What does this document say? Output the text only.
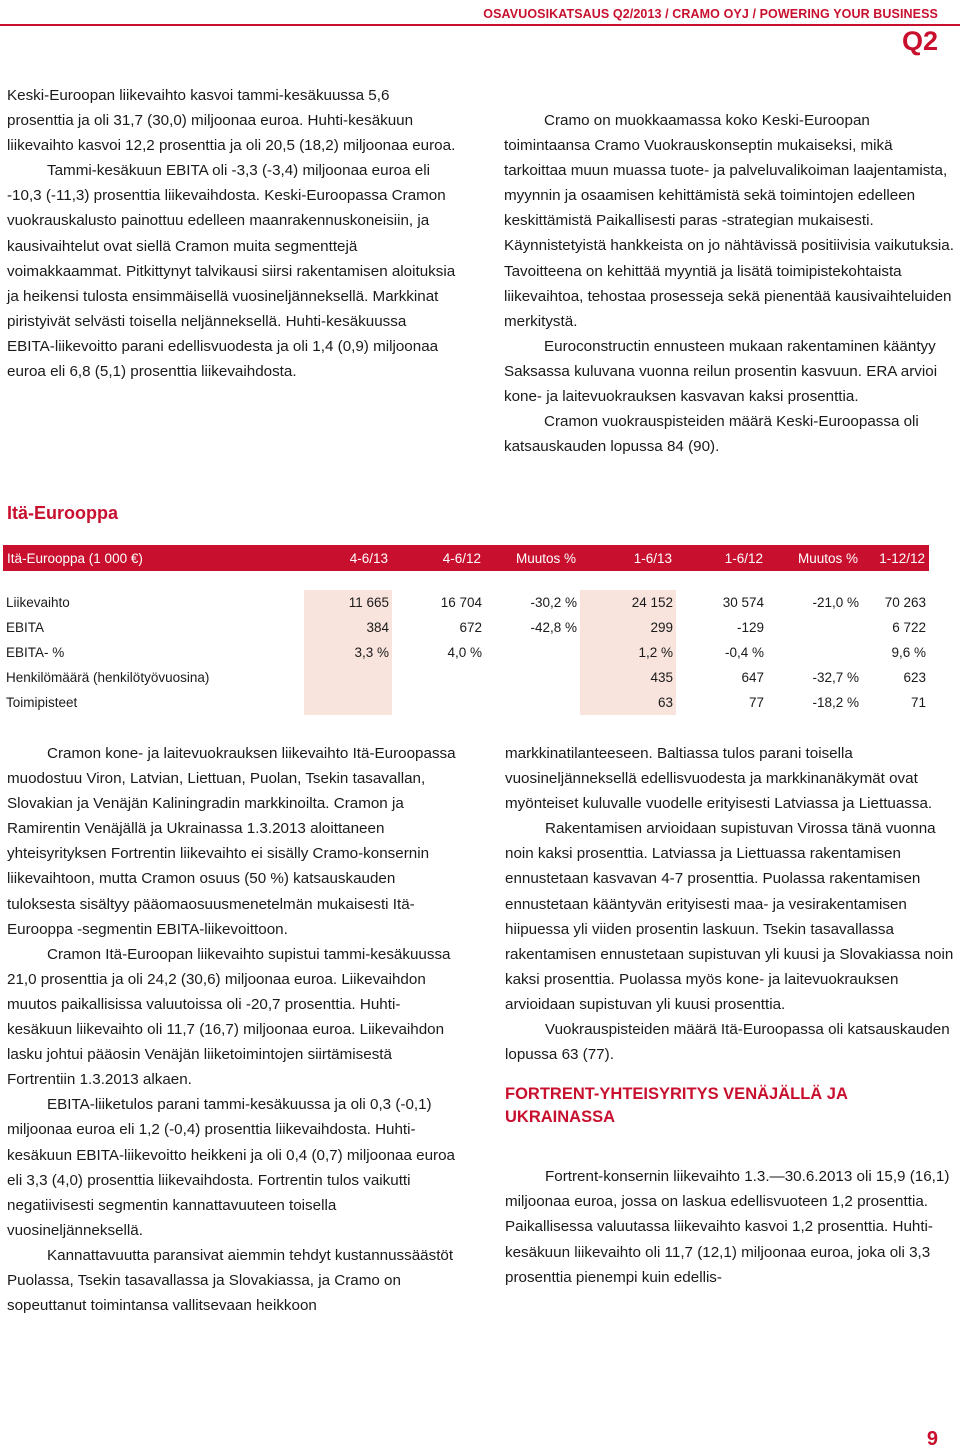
OSAVUOSIKATSAUS Q2/2013 / CRAMO OYJ / POWERING YOUR BUSINESS
Q2

Keski-Euroopan liikevaihto kasvoi tammi-kesäkuussa 5,6 prosenttia ja oli 31,7 (30,0) miljoonaa euroa. Huhti-kesäkuun liikevaihto kasvoi 12,2 prosenttia ja oli 20,5 (18,2) miljoonaa euroa.

Tammi-kesäkuun EBITA oli -3,3 (-3,4) miljoonaa euroa eli -10,3 (-11,3) prosenttia liikevaihdosta. Keski-Euroopassa Cramon vuokrauskalusto painottuu edelleen maanrakennuskoneisiin, ja kausivaihtelut ovat siellä Cramon muita segmenttejä voimakkaammat. Pitkittynyt talvikausi siirsi rakentamisen aloituksia ja heikensi tulosta ensimmäisellä vuosineljänneksellä. Markkinat piristyivät selvästi toisella neljänneksellä. Huhti-kesäkuussa EBITA-liikevoitto parani edellisvuodesta ja oli 1,4 (0,9) miljoonaa euroa eli 6,8 (5,1) prosenttia liikevaihdosta.

Cramo on muokkaamassa koko Keski-Euroopan toimintaansa Cramo Vuokrauskonseptin mukaiseksi, mikä tarkoittaa muun muassa tuote- ja palveluvalikoiman laajentamista, myynnin ja osaamisen kehittämistä sekä toimintojen edelleen keskittämistä Paikallisesti paras -strategian mukaisesti. Käynnistetyistä hankkeista on jo nähtävissä positiivisia vaikutuksia. Tavoitteena on kehittää myyntiä ja lisätä toimipistekohtaista liikevaihtoa, tehostaa prosesseja sekä pienentää kausivaihteluiden merkitystä.

Euroconstructin ennusteen mukaan rakentaminen kääntyy Saksassa kuluvana vuonna reilun prosentin kasvuun. ERA arvioi kone- ja laitevuokrauksen kasvavan kaksi prosenttia.

Cramon vuokrauspisteiden määrä Keski-Euroopassa oli katsauskauden lopussa 84 (90).

Itä-Eurooppa
Itä-Eurooppa (1 000 €)	4-6/13	4-6/12	Muutos %	1-6/13	1-6/12	Muutos %	1-12/12

Liikevaihto	11 665	16 704	-30,2 %	24 152	30 574	-21,0 %	70 263
EBITA	384	672	-42,8 %	299	-129		6 722
EBITA- %	3,3 %	4,0 %		1,2 %	-0,4 %		9,6 %
Henkilömäärä (henkilötyövuosina)				435	647	-32,7 %	623
Toimipisteet				63	77	-18,2 %	71

Cramon kone- ja laitevuokrauksen liikevaihto Itä-Euroopassa muodostuu Viron, Latvian, Liettuan, Puolan, Tsekin tasavallan, Slovakian ja Venäjän Kaliningradin markkinoilta. Cramon ja Ramirentin Venäjällä ja Ukrainassa 1.3.2013 aloittaneen yhteisyrityksen Fortrentin liikevaihto ei sisälly Cramo-konsernin liikevaihtoon, mutta Cramon osuus (50 %) katsauskauden tuloksesta sisältyy pääomaosuusmenetelmän mukaisesti Itä-Eurooppa -segmentin EBITA-liikevoittoon.

Cramon Itä-Euroopan liikevaihto supistui tammi-kesäkuussa 21,0 prosenttia ja oli 24,2 (30,6) miljoonaa euroa. Liikevaihdon muutos paikallisissa valuutoissa oli -20,7 prosenttia. Huhti-kesäkuun liikevaihto oli 11,7 (16,7) miljoonaa euroa. Liikevaihdon lasku johtui pääosin Venäjän liiketoimintojen siirtämisestä Fortrentiin 1.3.2013 alkaen.

EBITA-liiketulos parani tammi-kesäkuussa ja oli 0,3 (-0,1) miljoonaa euroa eli 1,2 (-0,4) prosenttia liikevaihdosta. Huhti-kesäkuun EBITA-liikevoitto heikkeni ja oli 0,4 (0,7) miljoonaa euroa eli 3,3 (4,0) prosenttia liikevaihdosta. Fortrentin tulos vaikutti negatiivisesti segmentin kannattavuuteen toisella vuosineljänneksellä.

Kannattavuutta paransivat aiemmin tehdyt kustannussäästöt Puolassa, Tsekin tasavallassa ja Slovakiassa, ja Cramo on sopeuttanut toimintansa vallitsevaan heikkoon

markkinatilanteeseen. Baltiassa tulos parani toisella vuosineljänneksellä edellisvuodesta ja markkinanäkymät ovat myönteiset kuluvalle vuodelle erityisesti Latviassa ja Liettuassa.

Rakentamisen arvioidaan supistuvan Virossa tänä vuonna noin kaksi prosenttia. Latviassa ja Liettuassa rakentamisen ennustetaan kasvavan 4-7 prosenttia. Puolassa rakentamisen ennustetaan kääntyvän erityisesti maa- ja vesirakentamisen hiipuessa yli viiden prosentin laskuun. Tsekin tasavallassa rakentamisen ennustetaan supistuvan yli kuusi ja Slovakiassa noin kaksi prosenttia. Puolassa myös kone- ja laitevuokrauksen arvioidaan supistuvan yli kuusi prosenttia.

Vuokrauspisteiden määrä Itä-Euroopassa oli katsauskauden lopussa 63 (77).

FORTRENT-YHTEISYRITYS VENÄJÄLLÄ JA UKRAINASSA

Fortrent-konsernin liikevaihto 1.3.—30.6.2013 oli 15,9 (16,1) miljoonaa euroa, jossa on laskua edellisvuoteen 1,2 prosenttia. Paikallisessa valuutassa liikevaihto kasvoi 1,2 prosenttia. Huhti-kesäkuun liikevaihto oli 11,7 (12,1) miljoonaa euroa, joka oli 3,3 prosenttia pienempi kuin edellis-

9
